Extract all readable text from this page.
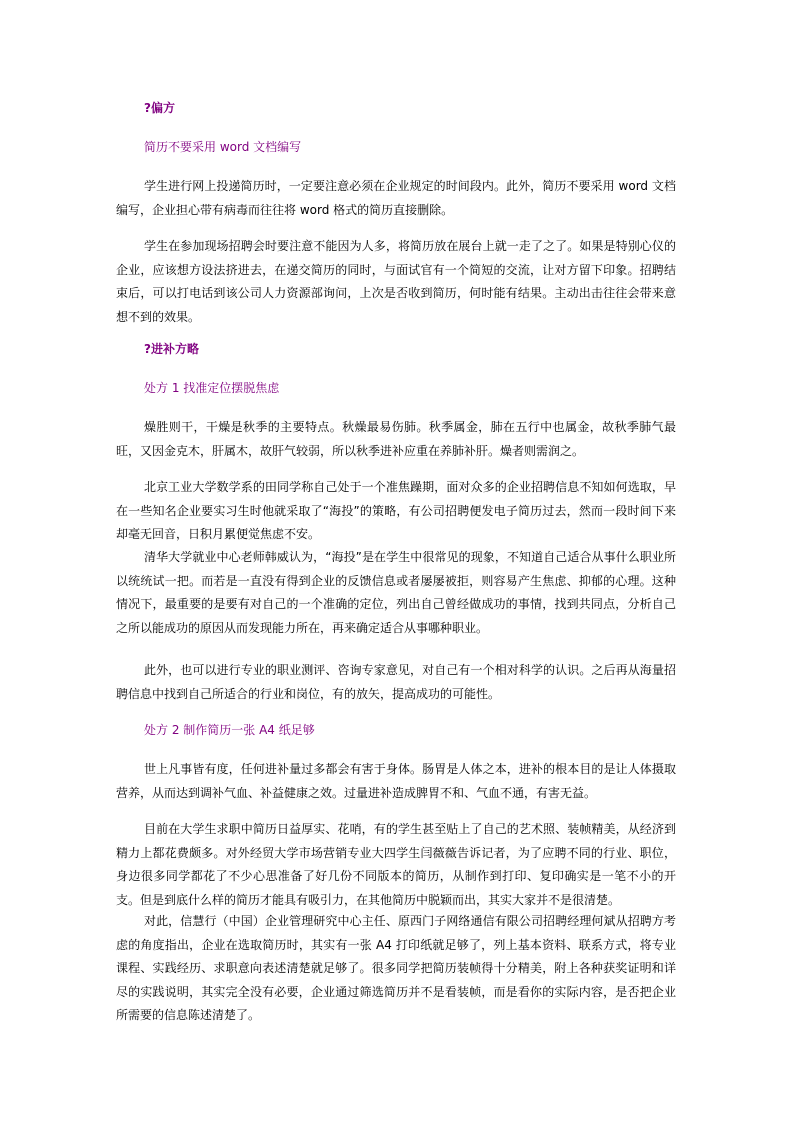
?偏方
简历不要采用 word 文档编写

学生进行网上投递简历时，一定要注意必须在企业规定的时间段内。此外，简历不要采用 word 文档编写，企业担心带有病毒而往往将 word 格式的简历直接删除。

学生在参加现场招聘会时要注意不能因为人多，将简历放在展台上就一走了之了。如果是特别心仪的企业，应该想方设法挤进去，在递交简历的同时，与面试官有一个简短的交流，让对方留下印象。招聘结束后，可以打电话到该公司人力资源部询问，上次是否收到简历，何时能有结果。主动出击往往会带来意想不到的效果。

?进补方略
处方 1 找准定位摆脱焦虑

燥胜则干，干燥是秋季的主要特点。秋燥最易伤肺。秋季属金，肺在五行中也属金，故秋季肺气最旺，又因金克木，肝属木，故肝气较弱，所以秋季进补应重在养肺补肝。燥者则需润之。

北京工业大学数学系的田同学称自己处于一个准焦躁期，面对众多的企业招聘信息不知如何选取，早在一些知名企业要实习生时他就采取了“海投”的策略，有公司招聘便发电子简历过去，然而一段时间下来却毫无回音，日积月累便觉焦虑不安。

清华大学就业中心老师韩威认为，“海投”是在学生中很常见的现象，不知道自己适合从事什么职业所以统统试一把。而若是一直没有得到企业的反馈信息或者屡屡被拒，则容易产生焦虑、抑郁的心理。这种情况下，最重要的是要有对自己的一个准确的定位，列出自己曾经做成功的事情，找到共同点，分析自己之所以能成功的原因从而发现能力所在，再来确定适合从事哪种职业。

此外，也可以进行专业的职业测评、咨询专家意见，对自己有一个相对科学的认识。之后再从海量招聘信息中找到自己所适合的行业和岗位，有的放矢，提高成功的可能性。

处方 2 制作简历一张 A4 纸足够

世上凡事皆有度，任何进补量过多都会有害于身体。肠胃是人体之本，进补的根本目的是让人体摄取营养，从而达到调补气血、补益健康之效。过量进补造成脾胃不和、气血不通，有害无益。

目前在大学生求职中简历日益厚实、花哨，有的学生甚至贴上了自己的艺术照、装帧精美，从经济到精力上都花费颇多。对外经贸大学市场营销专业大四学生闫薇薇告诉记者，为了应聘不同的行业、职位，身边很多同学都花了不少心思准备了好几份不同版本的简历，从制作到打印、复印确实是一笔不小的开支。但是到底什么样的简历才能具有吸引力，在其他简历中脱颖而出，其实大家并不是很清楚。

对此，信慧行（中国）企业管理研究中心主任、原西门子网络通信有限公司招聘经理何斌从招聘方考虑的角度指出，企业在选取简历时，其实有一张 A4 打印纸就足够了，列上基本资料、联系方式，将专业课程、实践经历、求职意向表述清楚就足够了。很多同学把简历装帧得十分精美，附上各种获奖证明和详尽的实践说明，其实完全没有必要，企业通过筛选简历并不是看装帧，而是看你的实际内容，是否把企业所需要的信息陈述清楚了。
